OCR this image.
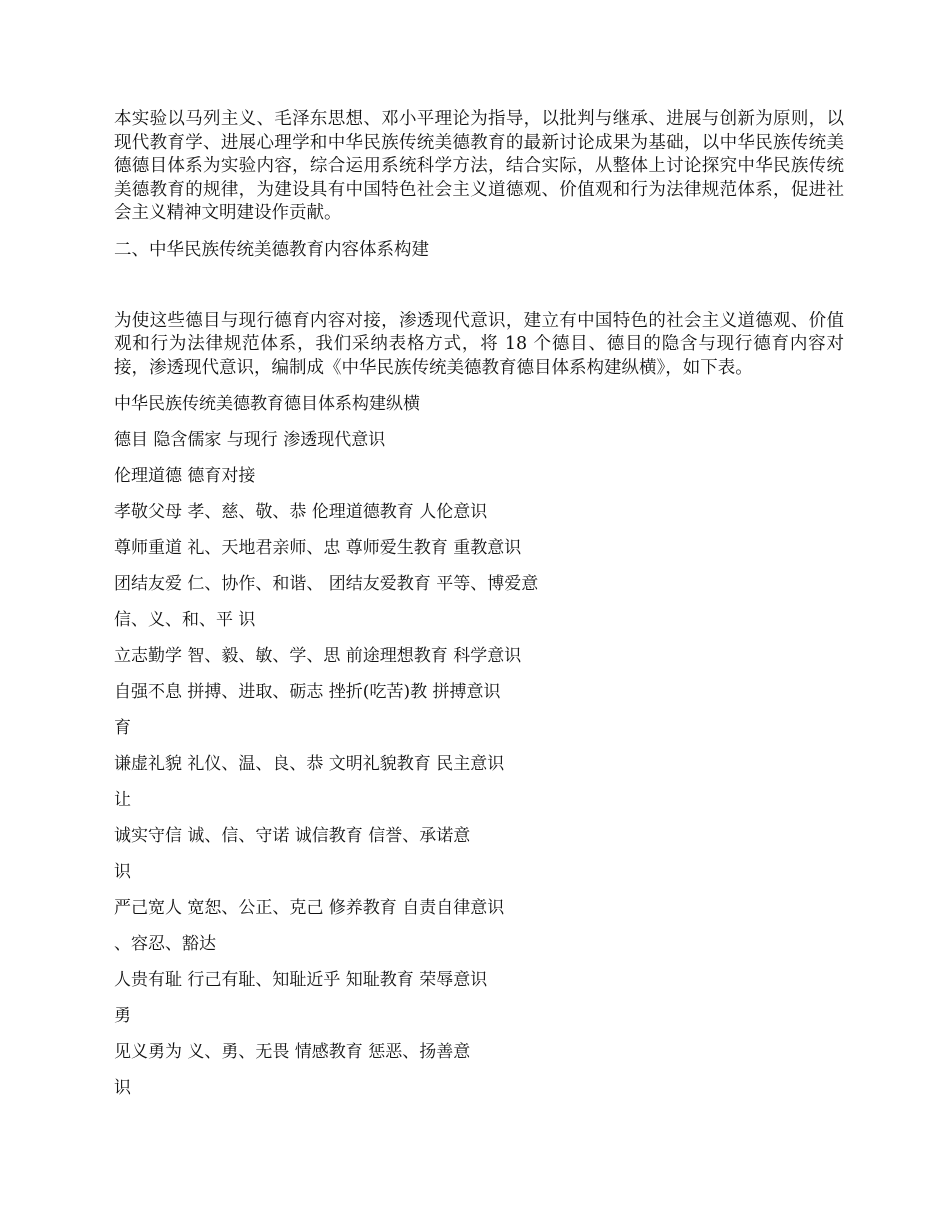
本实验以马列主义、毛泽东思想、邓小平理论为指导，以批判与继承、进展与创新为原则，以现代教育学、进展心理学和中华民族传统美德教育的最新讨论成果为基础，以中华民族传统美德德目体系为实验内容，综合运用系统科学方法，结合实际，从整体上讨论探究中华民族传统美德教育的规律，为建设具有中国特色社会主义道德观、价值观和行为法律规范体系，促进社会主义精神文明建设作贡献。

二、中华民族传统美德教育内容体系构建

为使这些德目与现行德育内容对接，渗透现代意识，建立有中国特色的社会主义道德观、价值观和行为法律规范体系，我们采纳表格方式，将 18 个德目、德目的隐含与现行德育内容对接，渗透现代意识，编制成《中华民族传统美德教育德目体系构建纵横》，如下表。

中华民族传统美德教育德目体系构建纵横

德目 隐含儒家 与现行 渗透现代意识

伦理道德 德育对接

孝敬父母 孝、慈、敬、恭 伦理道德教育 人伦意识

尊师重道 礼、天地君亲师、忠 尊师爱生教育 重教意识

团结友爱 仁、协作、和谐、 团结友爱教育 平等、博爱意

信、义、和、平 识

立志勤学 智、毅、敏、学、思 前途理想教育 科学意识

自强不息 拼搏、进取、砺志 挫折(吃苦)教 拼搏意识

育

谦虚礼貌 礼仪、温、良、恭 文明礼貌教育 民主意识

让

诚实守信 诚、信、守诺 诚信教育 信誉、承诺意

识

严己宽人 宽恕、公正、克己 修养教育 自责自律意识

、容忍、豁达

人贵有耻 行己有耻、知耻近乎 知耻教育 荣辱意识

勇

见义勇为 义、勇、无畏 情感教育 惩恶、扬善意

识
